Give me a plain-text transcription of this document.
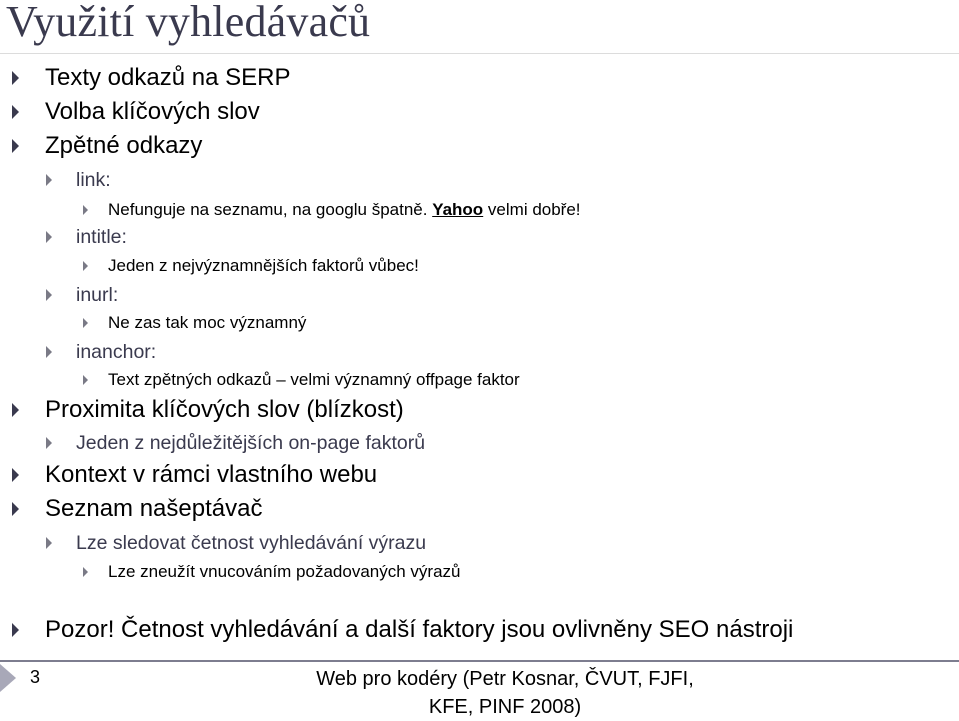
Využití vyhledávačů
Texty odkazů na SERP
Volba klíčových slov
Zpětné odkazy
link:
Nefunguje na seznamu, na googlu špatně. Yahoo velmi dobře!
intitle:
Jeden z nejvýznamnějších faktorů vůbec!
inurl:
Ne zas tak moc významný
inanchor:
Text zpětných odkazů – velmi významný offpage faktor
Proximita klíčových slov (blízkost)
Jeden z nejdůležitějších on-page faktorů
Kontext v rámci vlastního webu
Seznam našeptávač
Lze sledovat četnost vyhledávání výrazu
Lze zneužít vnucováním požadovaných výrazů
Pozor! Četnost vyhledávání a další faktory jsou ovlivněny SEO nástroji
3	Web pro kodéry (Petr Kosnar, ČVUT, FJFI, KFE, PINF 2008)
